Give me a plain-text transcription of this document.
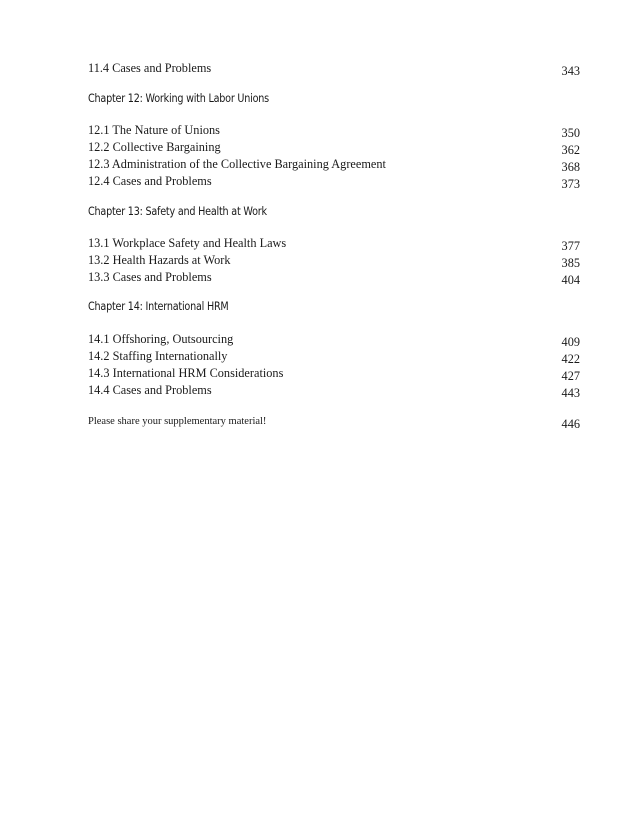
11.4 Cases and Problems	343
Chapter 12: Working with Labor Unions
12.1 The Nature of Unions	350
12.2 Collective Bargaining	362
12.3 Administration of the Collective Bargaining Agreement	368
12.4 Cases and Problems	373
Chapter 13: Safety and Health at Work
13.1 Workplace Safety and Health Laws	377
13.2 Health Hazards at Work	385
13.3 Cases and Problems	404
Chapter 14: International HRM
14.1 Offshoring, Outsourcing	409
14.2 Staffing Internationally	422
14.3 International HRM Considerations	427
14.4 Cases and Problems	443
Please share your supplementary material!	446
